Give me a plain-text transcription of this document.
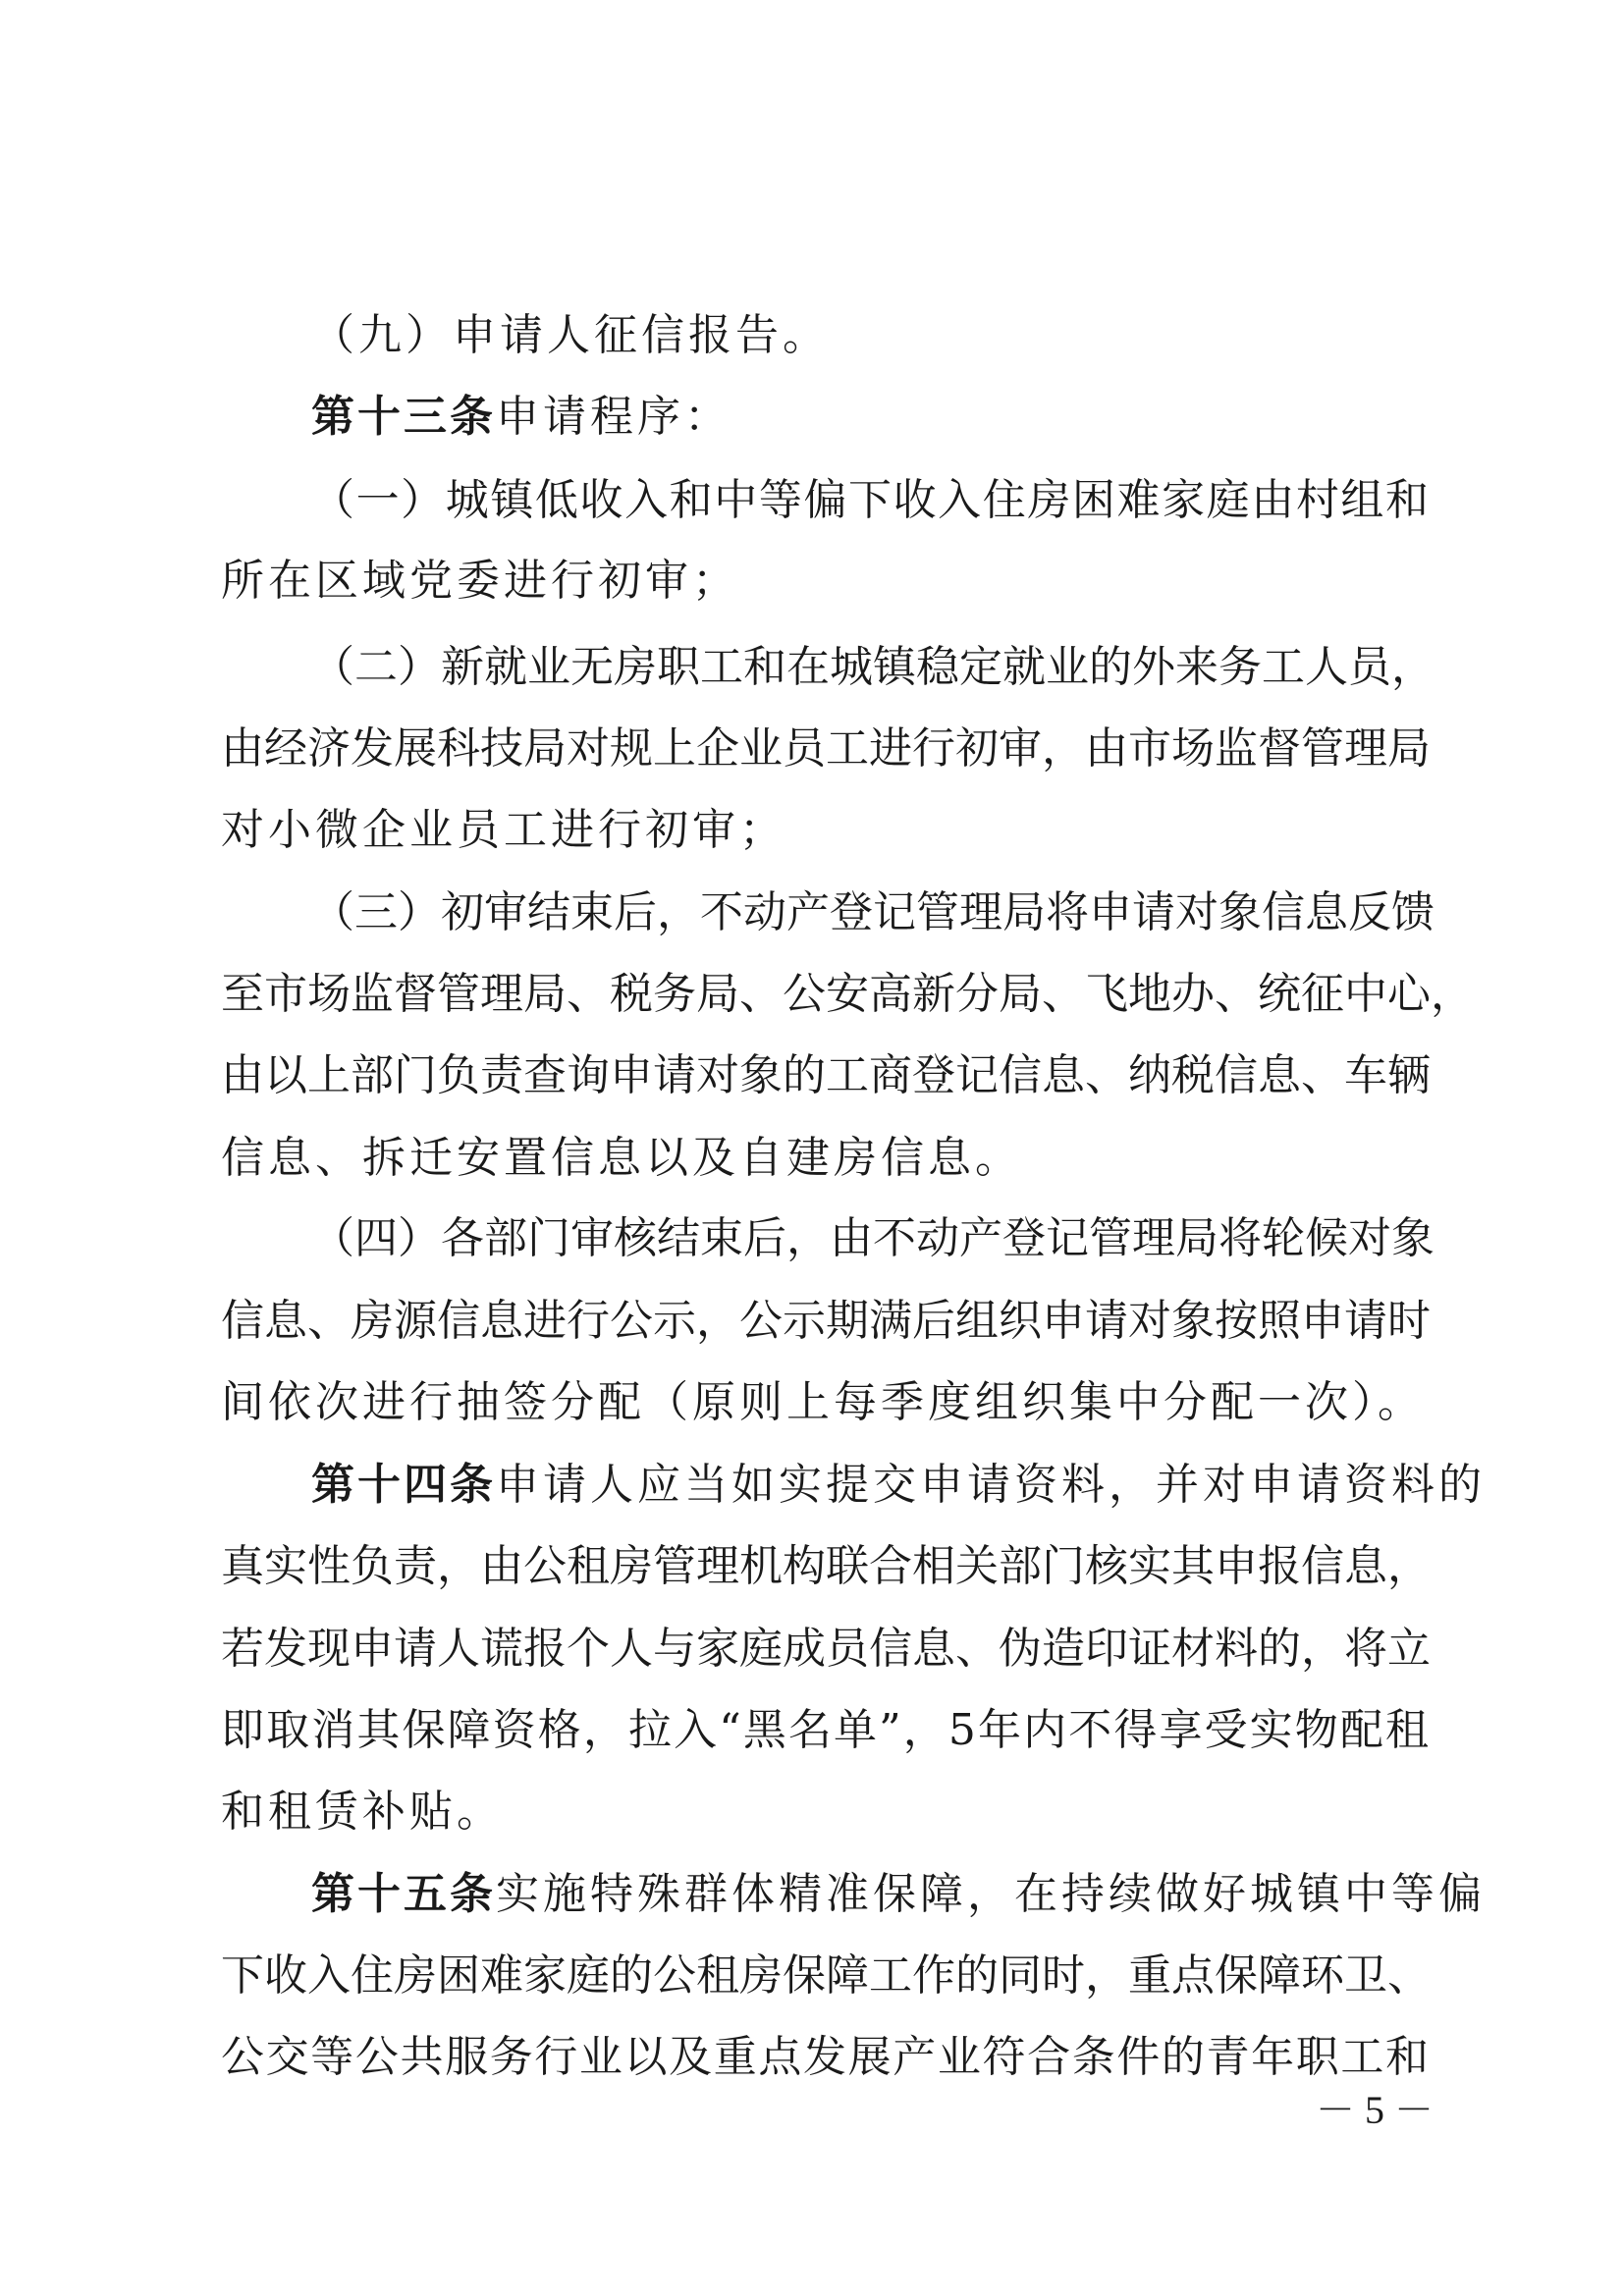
（九）申请人征信报告。
第十三条申请程序：
（一）城镇低收入和中等偏下收入住房困难家庭由村组和
所在区域党委进行初审；
（二）新就业无房职工和在城镇稳定就业的外来务工人员，
由经济发展科技局对规上企业员工进行初审，由市场监督管理局
对小微企业员工进行初审；
（三）初审结束后，不动产登记管理局将申请对象信息反馈
至市场监督管理局、税务局、公安高新分局、飞地办、统征中心，
由以上部门负责查询申请对象的工商登记信息、纳税信息、车辆
信息、拆迁安置信息以及自建房信息。
（四）各部门审核结束后，由不动产登记管理局将轮候对象
信息、房源信息进行公示，公示期满后组织申请对象按照申请时
间依次进行抽签分配（原则上每季度组织集中分配一次）。
第十四条申请人应当如实提交申请资料，并对申请资料的
真实性负责，由公租房管理机构联合相关部门核实其申报信息，
若发现申请人谎报个人与家庭成员信息、伪造印证材料的，将立
即取消其保障资格，拉入“黑名单”，5年内不得享受实物配租
和租赁补贴。
第十五条实施特殊群体精准保障，在持续做好城镇中等偏
下收入住房困难家庭的公租房保障工作的同时，重点保障环卫、
公交等公共服务行业以及重点发展产业符合条件的青年职工和
－ 5 －
